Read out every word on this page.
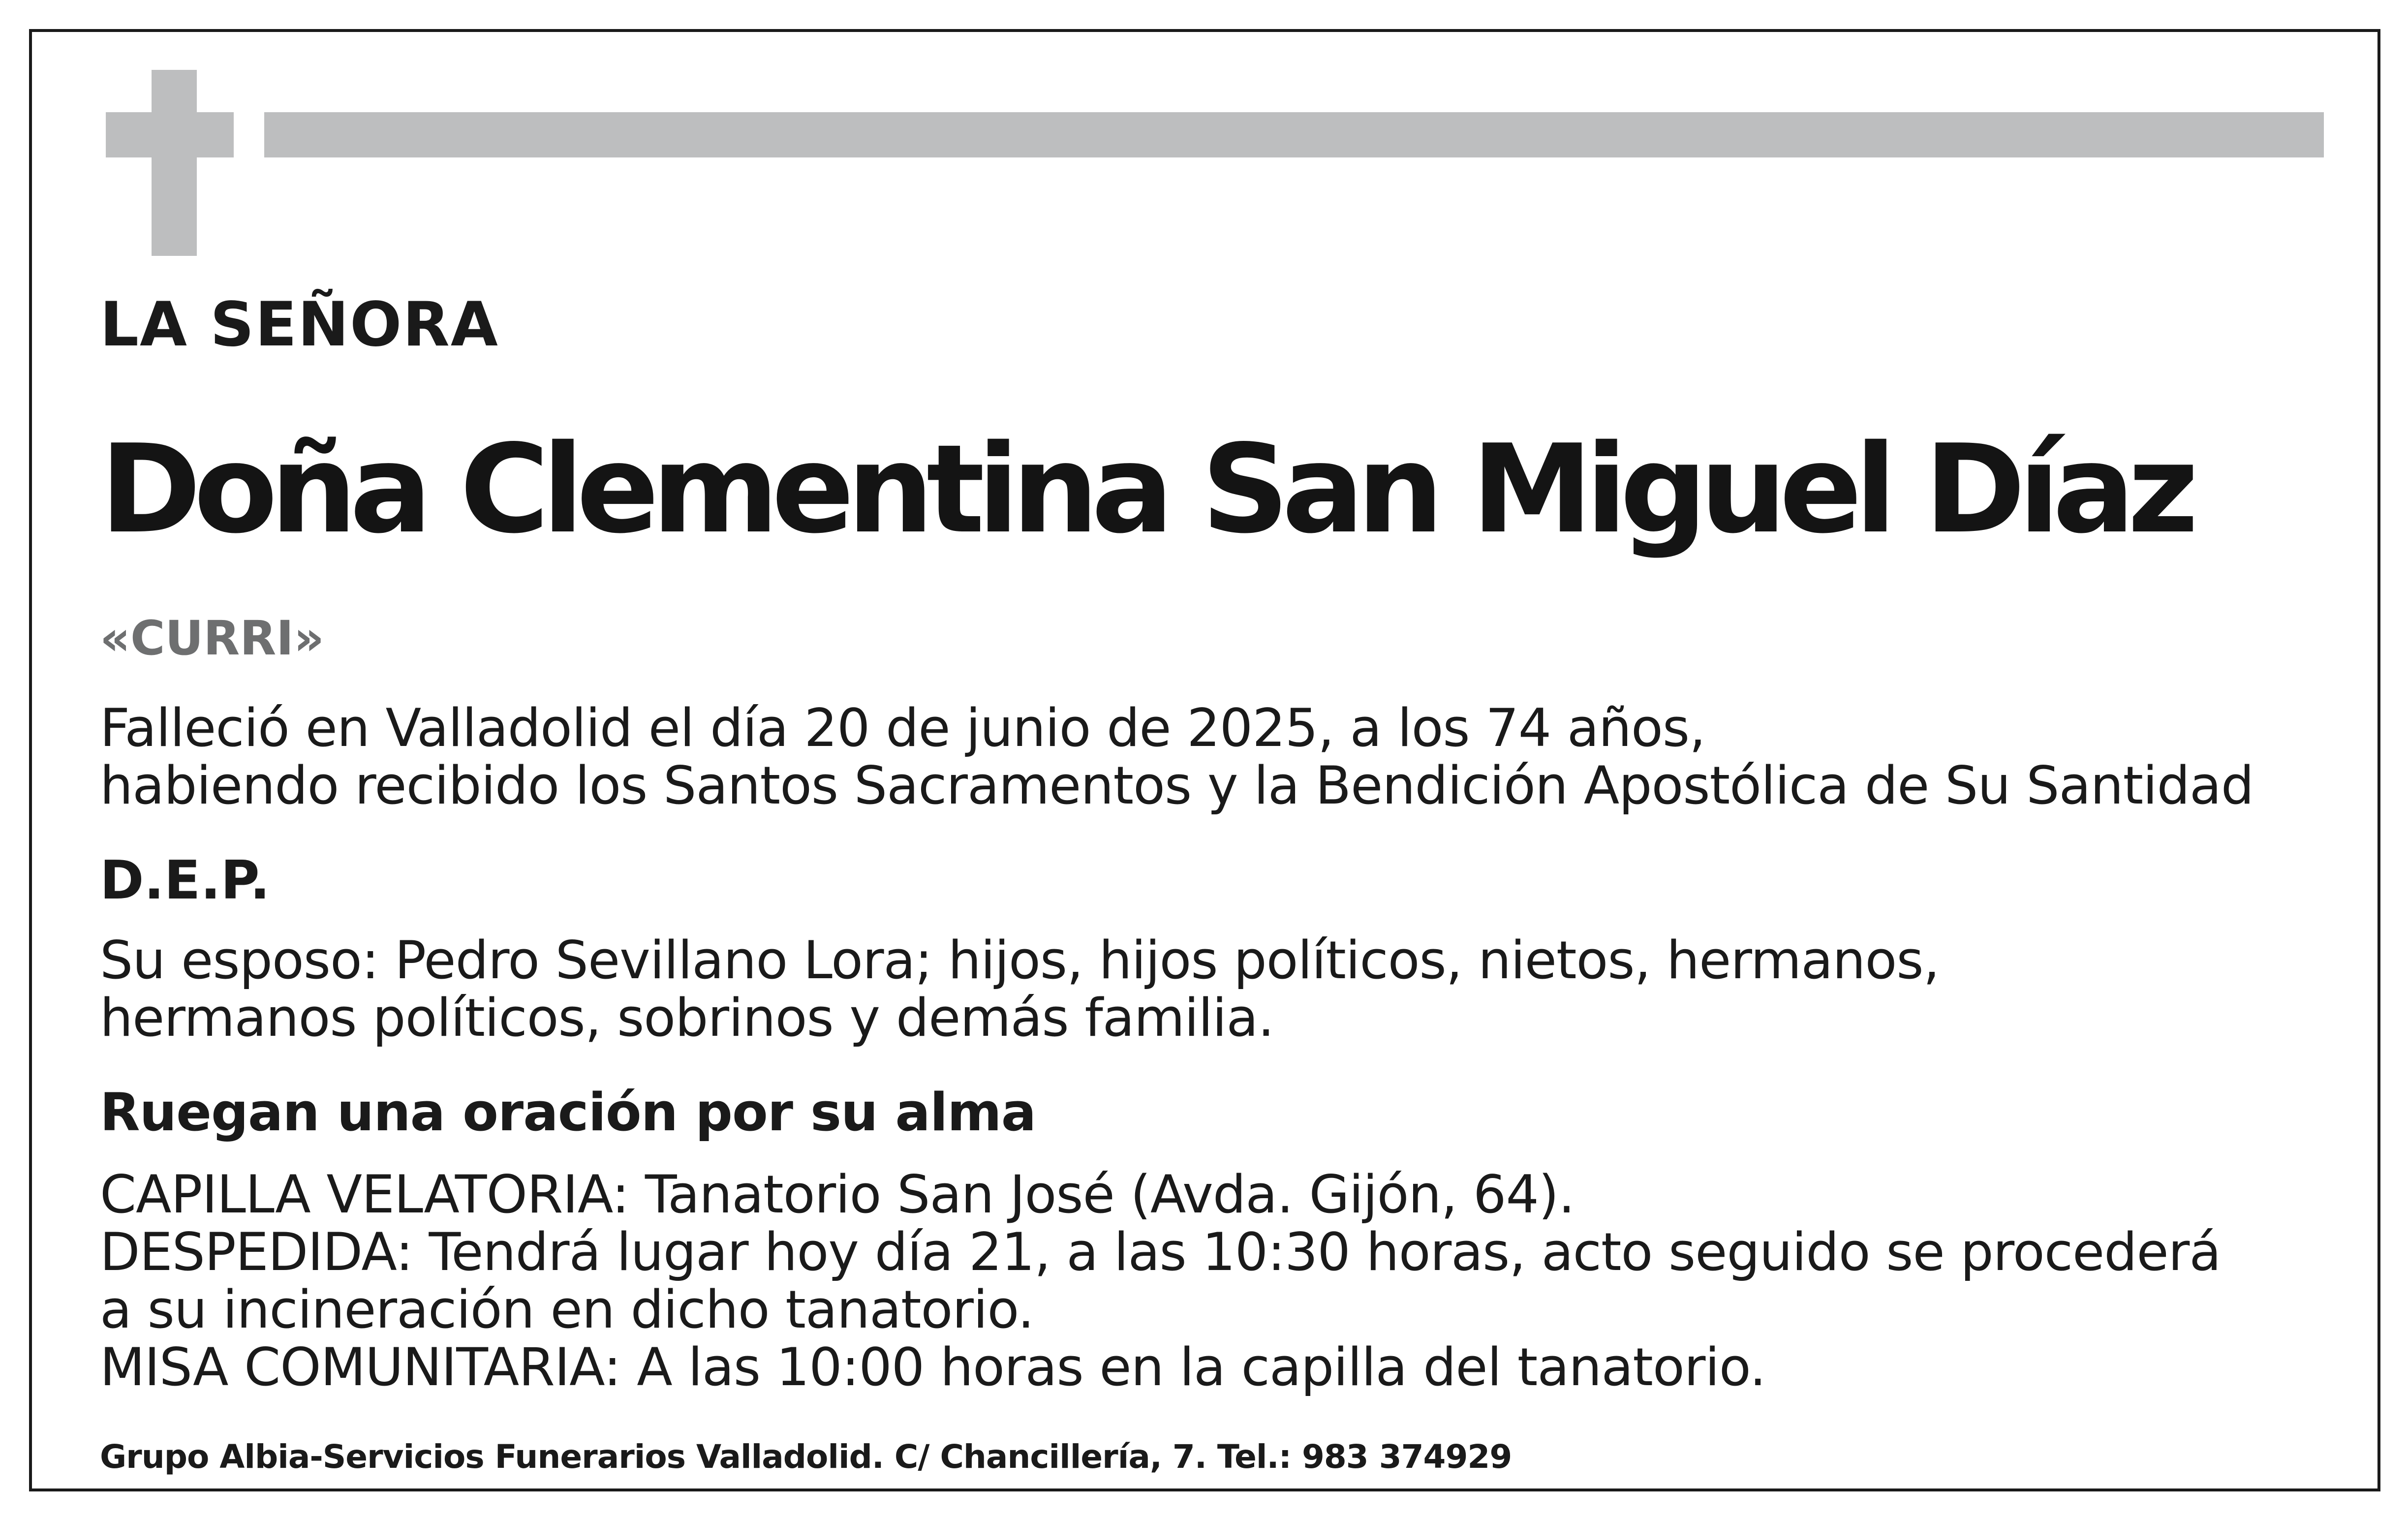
LA SEÑORA
Doña Clementina San Miguel Díaz
«CURRI»
Falleció en Valladolid el día 20 de junio de 2025, a los 74 años,
habiendo recibido los Santos Sacramentos y la Bendición Apostólica de Su Santidad
D.E.P.
Su esposo: Pedro Sevillano Lora; hijos, hijos políticos, nietos, hermanos,
hermanos políticos, sobrinos y demás familia.
Ruegan una oración por su alma
CAPILLA VELATORIA: Tanatorio San José (Avda. Gijón, 64).
DESPEDIDA: Tendrá lugar hoy día 21, a las 10:30 horas, acto seguido se procederá
a su incineración en dicho tanatorio.
MISA COMUNITARIA: A las 10:00 horas en la capilla del tanatorio.
Grupo Albia-Servicios Funerarios Valladolid. C/ Chancillería, 7. Tel.: 983 374929
